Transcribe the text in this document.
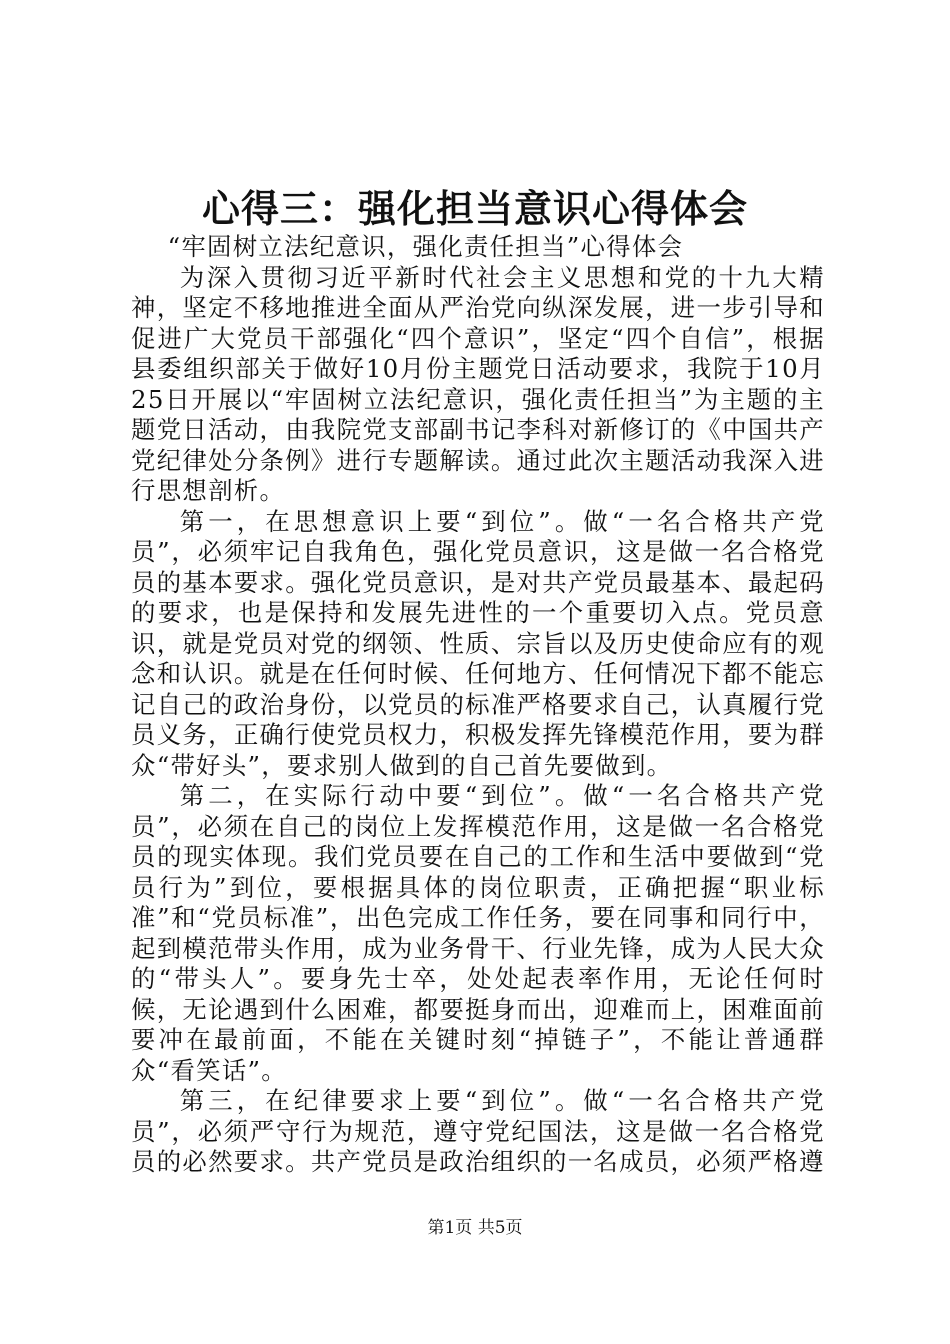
心得三：强化担当意识心得体会

“牢固树立法纪意识，强化责任担当”心得体会

为深入贯彻习近平新时代社会主义思想和党的十九大精神，坚定不移地推进全面从严治党向纵深发展，进一步引导和促进广大党员干部强化“四个意识”，坚定“四个自信”，根据县委组织部关于做好10月份主题党日活动要求，我院于10月25日开展以“牢固树立法纪意识，强化责任担当”为主题的主题党日活动，由我院党支部副书记李科对新修订的《中国共产党纪律处分条例》进行专题解读。通过此次主题活动我深入进行思想剖析。

第一，在思想意识上要“到位”。做“一名合格共产党员”，必须牢记自我角色，强化党员意识，这是做一名合格党员的基本要求。强化党员意识，是对共产党员最基本、最起码的要求，也是保持和发展先进性的一个重要切入点。党员意识，就是党员对党的纲领、性质、宗旨以及历史使命应有的观念和认识。就是在任何时候、任何地方、任何情况下都不能忘记自己的政治身份，以党员的标准严格要求自己，认真履行党员义务，正确行使党员权力，积极发挥先锋模范作用，要为群众“带好头”，要求别人做到的自己首先要做到。

第二，在实际行动中要“到位”。做“一名合格共产党员”，必须在自己的岗位上发挥模范作用，这是做一名合格党员的现实体现。我们党员要在自己的工作和生活中要做到“党员行为”到位，要根据具体的岗位职责，正确把握“职业标准”和“党员标准”，出色完成工作任务，要在同事和同行中，起到模范带头作用，成为业务骨干、行业先锋，成为人民大众的“带头人”。要身先士卒，处处起表率作用，无论任何时候，无论遇到什么困难，都要挺身而出，迎难而上，困难面前要冲在最前面，不能在关键时刻“掉链子”，不能让普通群众“看笑话”。

第三，在纪律要求上要“到位”。做“一名合格共产党员”，必须严守行为规范，遵守党纪国法，这是做一名合格党员的必然要求。共产党员是政治组织的一名成员，必须严格遵

第1页 共5页
